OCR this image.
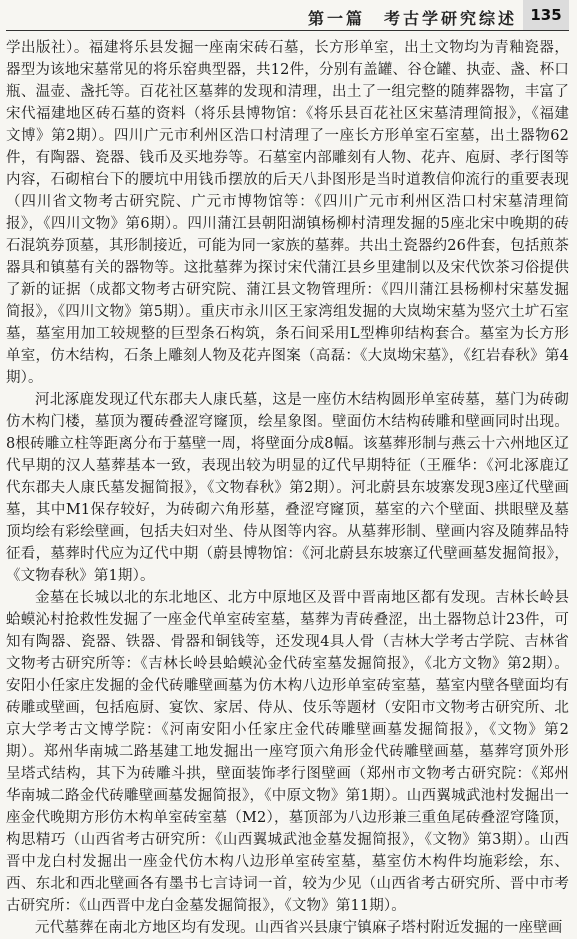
第一篇　考古学研究综述 135

学出版社）。福建将乐县发掘一座南宋砖石墓，长方形单室，出土文物均为青釉瓷器，器型为该地宋墓常见的将乐窑典型器，共12件，分别有盖罐、谷仓罐、执壶、盏、杯口瓶、温壶、盏托等。百花社区墓葬的发现和清理，出土了一组完整的随葬器物，丰富了宋代福建地区砖石墓的资料（将乐县博物馆：《将乐县百花社区宋墓清理简报》，《福建文博》第2期）。四川广元市利州区浩口村清理了一座长方形单室石室墓，出土器物62件，有陶器、瓷器、钱币及买地券等。石墓室内部雕刻有人物、花卉、庖厨、孝行图等内容，石砌棺台下的腰坑中用钱币摆放的后天八卦图形是当时道教信仰流行的重要表现（四川省文物考古研究院、广元市博物馆等：《四川广元市利州区浩口村宋墓清理简报》，《四川文物》第6期）。四川蒲江县朝阳湖镇杨柳村清理发掘的5座北宋中晚期的砖石混筑券顶墓，其形制接近，可能为同一家族的墓葬。共出土瓷器约26件套，包括煎茶器具和镇墓有关的器物等。这批墓葬为探讨宋代蒲江县乡里建制以及宋代饮茶习俗提供了新的证据（成都文物考古研究院、蒲江县文物管理所：《四川蒲江县杨柳村宋墓发掘简报》，《四川文物》第5期）。重庆市永川区王家湾组发掘的大岚坳宋墓为竖穴土圹石室墓，墓室用加工较规整的巨型条石构筑，条石间采用L型榫卯结构套合。墓室为长方形单室，仿木结构，石条上雕刻人物及花卉图案（高磊：《大岚坳宋墓》，《红岩春秋》第4期）。

河北涿鹿发现辽代东郡夫人康氏墓，这是一座仿木结构圆形单室砖墓，墓门为砖砌仿木构门楼，墓顶为覆砖叠涩穹窿顶，绘星象图。壁面仿木结构砖雕和壁画同时出现。8根砖雕立柱等距离分布于墓壁一周，将壁面分成8幅。该墓葬形制与燕云十六州地区辽代早期的汉人墓葬基本一致，表现出较为明显的辽代早期特征（王雁华：《河北涿鹿辽代东郡夫人康氏墓发掘简报》，《文物春秋》第2期）。河北蔚县东坡寨发现3座辽代壁画墓，其中M1保存较好，为砖砌六角形墓，叠涩穹窿顶，墓室的六个壁面、拱眼壁及墓顶均绘有彩绘壁画，包括夫妇对坐、侍从图等内容。从墓葬形制、壁画内容及随葬品特征看，墓葬时代应为辽代中期（蔚县博物馆：《河北蔚县东坡寨辽代壁画墓发掘简报》，《文物春秋》第1期）。

金墓在长城以北的东北地区、北方中原地区及晋中晋南地区都有发现。吉林长岭县蛤蟆沁村抢救性发掘了一座金代单室砖室墓，墓葬为青砖叠涩，出土器物总计23件，可知有陶器、瓷器、铁器、骨器和铜钱等，还发现4具人骨（吉林大学考古学院、吉林省文物考古研究所等：《吉林长岭县蛤蟆沁金代砖室墓发掘简报》，《北方文物》第2期）。安阳小任家庄发掘的金代砖雕壁画墓为仿木构八边形单室砖室墓，墓室内壁各壁面均有砖雕或壁画，包括庖厨、宴饮、家居、侍从、伎乐等题材（安阳市文物考古研究所、北京大学考古文博学院：《河南安阳小任家庄金代砖雕壁画墓发掘简报》，《文物》第2期）。郑州华南城二路基建工地发掘出一座穹顶六角形金代砖雕壁画墓，墓葬穹顶外形呈塔式结构，其下为砖雕斗拱，壁面装饰孝行图壁画（郑州市文物考古研究院：《郑州华南城二路金代砖雕壁画墓发掘简报》，《中原文物》第1期）。山西翼城武池村发掘出一座金代晚期方形仿木构单室砖室墓（M2），墓顶部为八边形兼三重鱼尾砖叠涩穹隆顶，构思精巧（山西省考古研究所：《山西翼城武池金墓发掘简报》，《文物》第3期）。山西晋中龙白村发掘出一座金代仿木构八边形单室砖室墓，墓室仿木构件均施彩绘，东、西、东北和西北壁画各有墨书七言诗词一首，较为少见（山西省考古研究所、晋中市考古研究所：《山西晋中龙白金墓发掘简报》，《文物》第11期）。

元代墓葬在南北方地区均有发现。山西省兴县康宁镇麻子塔村附近发掘的一座壁画
